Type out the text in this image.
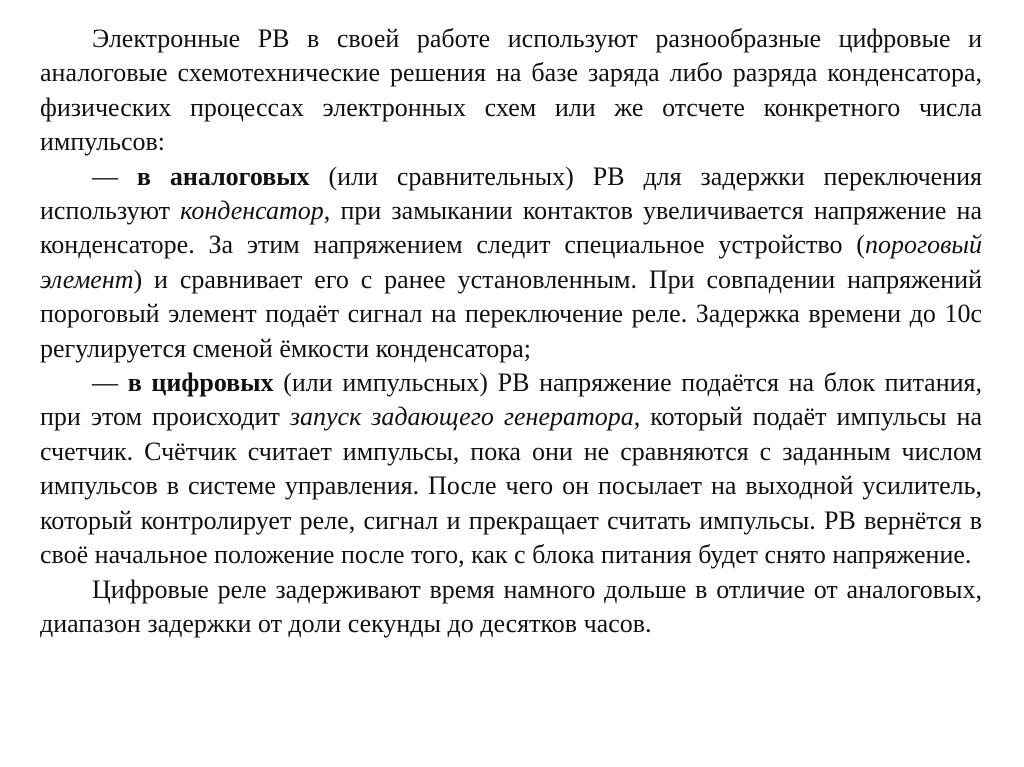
Электронные РВ в своей работе используют разнообразные цифровые и аналоговые схемотехнические решения на базе заряда либо разряда конденсатора, физических процессах электронных схем или же отсчете конкретного числа импульсов:

— в аналоговых (или сравнительных) РВ для задержки переключения используют конденсатор, при замыкании контактов увеличивается напряжение на конденсаторе. За этим напряжением следит специальное устройство (пороговый элемент) и сравнивает его с ранее установленным. При совпадении напряжений пороговый элемент подаёт сигнал на переключение реле. Задержка времени до 10с регулируется сменой ёмкости конденсатора;

— в цифровых (или импульсных) РВ напряжение подаётся на блок питания, при этом происходит запуск задающего генератора, который подаёт импульсы на счетчик. Счётчик считает импульсы, пока они не сравняются с заданным числом импульсов в системе управления. После чего он посылает на выходной усилитель, который контролирует реле, сигнал и прекращает считать импульсы. РВ вернётся в своё начальное положение после того, как с блока питания будет снято напряжение.

Цифровые реле задерживают время намного дольше в отличие от аналоговых, диапазон задержки от доли секунды до десятков часов.
